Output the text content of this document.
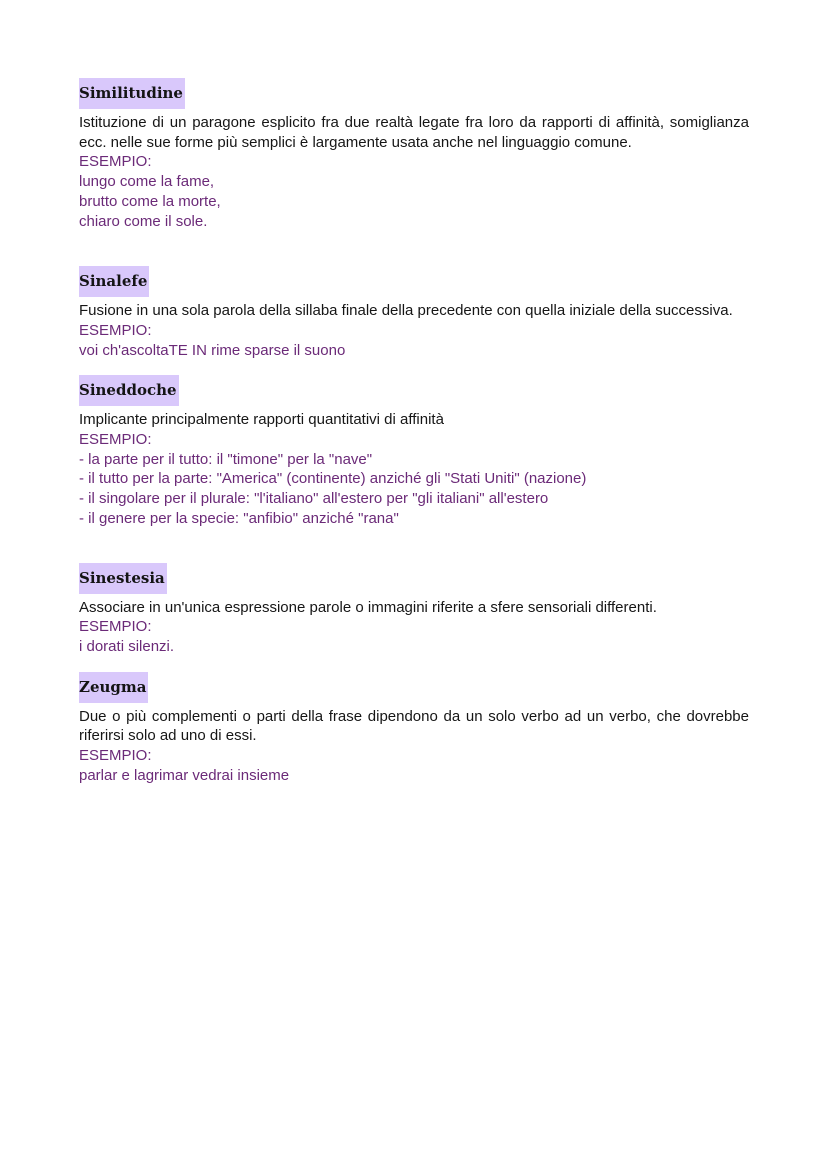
Similitudine

Istituzione di un paragone esplicito fra due realtà legate fra loro da rapporti di affinità, somiglianza ecc. nelle sue forme più semplici è largamente usata anche nel linguaggio comune.

ESEMPIO:

lungo come la fame,

brutto come la morte,

chiaro come il sole.

Sinalefe

Fusione in una sola parola della sillaba finale della precedente con quella iniziale della successiva.

ESEMPIO:

voi ch'ascoltaTE IN rime sparse il suono

Sineddoche

Implicante principalmente rapporti quantitativi di affinità

ESEMPIO:

- la parte per il tutto: il "timone" per la "nave"

- il tutto per la parte: "America" (continente) anziché gli "Stati Uniti" (nazione)

- il singolare per il plurale: "l'italiano" all'estero per "gli italiani" all'estero

- il genere per la specie: "anfibio" anziché "rana"

Sinestesia

Associare in un'unica espressione parole o immagini riferite a sfere sensoriali differenti.

ESEMPIO:

i dorati silenzi.

Zeugma

Due o più complementi o parti della frase dipendono da un solo verbo ad un verbo, che dovrebbe riferirsi solo ad uno di essi.

ESEMPIO:

parlar e lagrimar vedrai insieme
